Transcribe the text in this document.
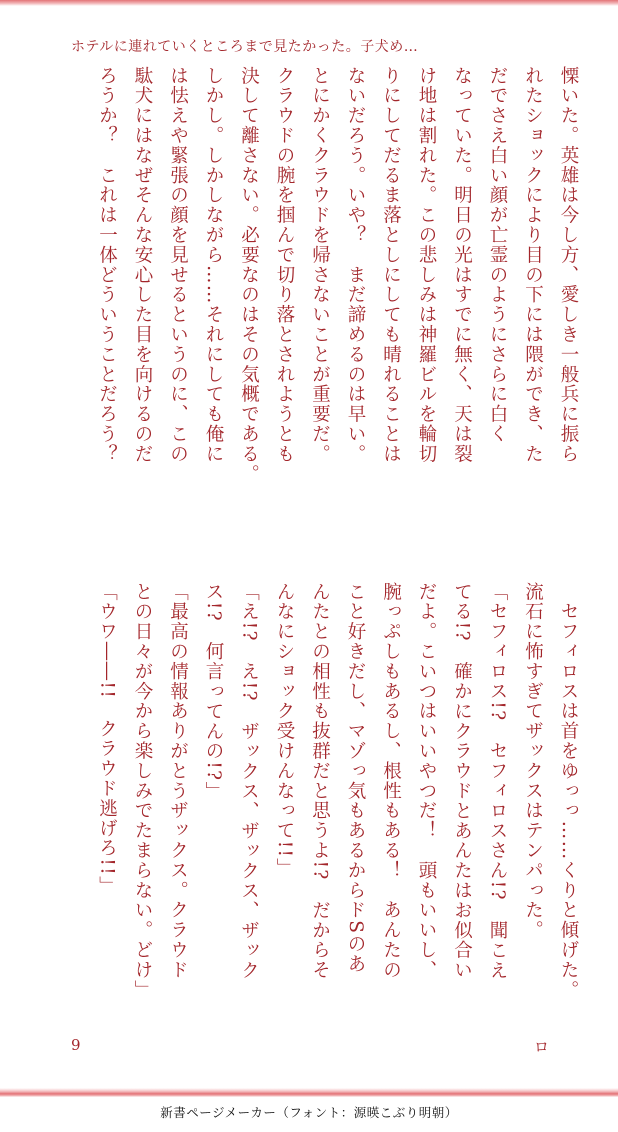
ホテルに連れていくところまで見たかった。子犬め…
慄いた。英雄は今し方、愛しき一般兵に振ら
れたショックにより目の下には隈ができ、た
だでさえ白い顔が亡霊のようにさらに白く
なっていた。明日の光はすでに無く、天は裂
け地は割れた。この悲しみは神羅ビルを輪切
りにしてだるま落としにしても晴れることは
ないだろう。いや？　まだ諦めるのは早い。
とにかくクラウドを帰さないことが重要だ。
クラウドの腕を掴んで切り落とされようとも
決して離さない。必要なのはその気概である。
しかし。しかしながら……それにしても俺に
は怯えや緊張の顔を見せるというのに、この
駄犬にはなぜそんな安心した目を向けるのだ
ろうか？　これは一体どういうことだろう？
　セフィロスは首をゆっっ……くりと傾げた。
流石に怖すぎてザックスはテンパった。
「セフィロス!?　セフィロスさん!?　聞こえ
てる!?　確かにクラウドとあんたはお似合い
だよ。こいつはいいやつだ！　頭もいいし、
腕っぷしもあるし、根性もある！　あんたの
こと好きだし、マゾっ気もあるからドSのあ
んたとの相性も抜群だと思うよ!?　だからそ
んなにショック受けんなって!!」
「え!?　え!?　ザックス、ザックス、ザック
ス!?　何言ってんの!?」
「最高の情報ありがとうザックス。クラウド
との日々が今から楽しみでたまらない。どけ」
「ウワ――!!　クラウド逃げろ!!」
9	ロ
新書ページメーカー（フォント：源暎こぶり明朝）
